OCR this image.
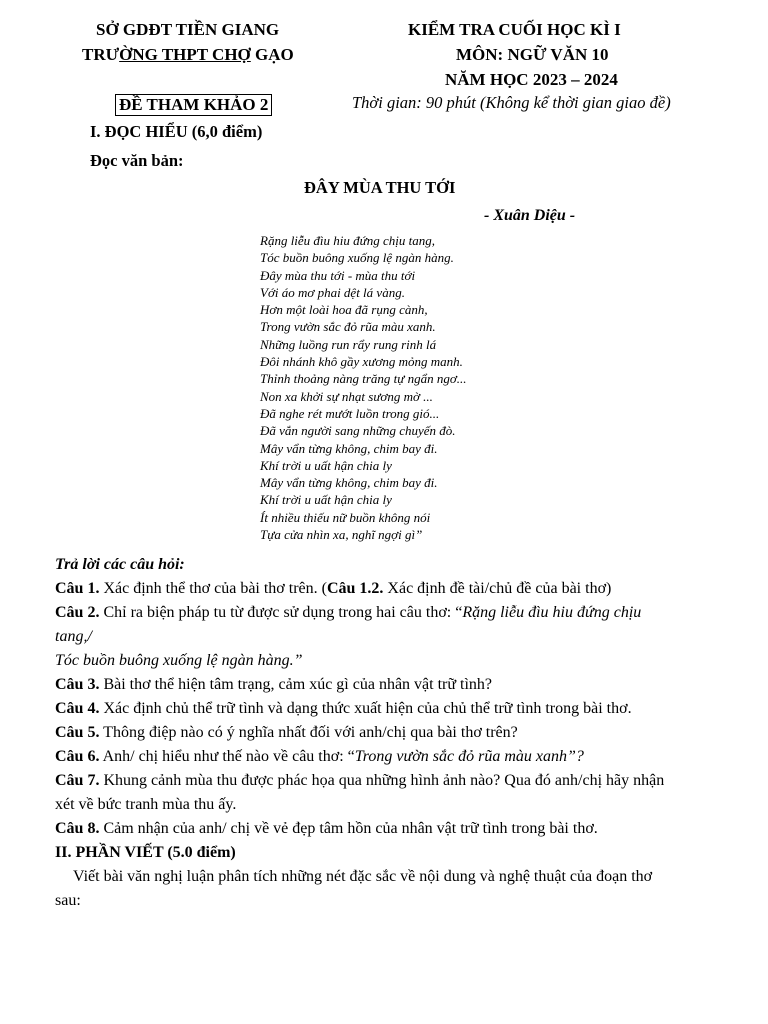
SỞ GDĐT TIỀN GIANG
TRƯỜNG THPT CHỢ GẠO
KIỂM TRA CUỐI HỌC KÌ I
MÔN: NGỮ VĂN 10
NĂM HỌC 2023 – 2024
ĐỀ THAM KHẢO 2	Thời gian: 90 phút (Không kể thời gian giao đề)
I. ĐỌC HIỂU (6,0 điểm)
Đọc văn bản:
ĐÂY MÙA THU TỚI
- Xuân Diệu -
Rặng liễu đìu hiu đứng chịu tang,
Tóc buồn buông xuống lệ ngàn hàng.
Đây mùa thu tới - mùa thu tới
Với áo mơ phai dệt lá vàng.
Hơn một loài hoa đã rụng cành,
Trong vườn sắc đỏ rũa màu xanh.
Những luồng run rẩy rung rinh lá
Đôi nhánh khô gầy xương mỏng manh.
Thỉnh thoảng nàng trăng tự ngẩn ngơ...
Non xa khởi sự nhạt sương mờ ...
Đã nghe rét mướt luồn trong gió...
Đã vắn người sang những chuyến đò.
Mây vẩn từng không, chim bay đi.
Khí trời u uất hận chia ly
Mây vẩn từng không, chim bay đi.
Khí trời u uất hận chia ly
Ít nhiều thiếu nữ buồn không nói
Tựa cửa nhìn xa, nghĩ ngợi gì”
Trả lời các câu hỏi:
Câu 1. Xác định thể thơ của bài thơ trên. (Câu 1.2. Xác định đề tài/chủ đề của bài thơ)
Câu 2. Chỉ ra biện pháp tu từ được sử dụng trong hai câu thơ: “Rặng liễu đìu hiu đứng chịu
tang,/
Tóc buồn buông xuống lệ ngàn hàng.”
Câu 3. Bài thơ thể hiện tâm trạng, cảm xúc gì của nhân vật trữ tình?
Câu 4. Xác định chủ thể trữ tình và dạng thức xuất hiện của chủ thể trữ tình trong bài thơ.
Câu 5. Thông điệp nào có ý nghĩa nhất đối với anh/chị qua bài thơ trên?
Câu 6. Anh/ chị hiểu như thế nào về câu thơ: “Trong vườn sắc đỏ rũa màu xanh”?
Câu 7. Khung cảnh mùa thu được phác họa qua những hình ảnh nào? Qua đó anh/chị hãy nhận
xét về bức tranh mùa thu ấy.
Câu 8. Cảm nhận của anh/ chị về vẻ đẹp tâm hồn của nhân vật trữ tình trong bài thơ.
II. PHẦN VIẾT (5.0 điểm)
Viết bài văn nghị luận phân tích những nét đặc sắc về nội dung và nghệ thuật của đoạn thơ
sau:
